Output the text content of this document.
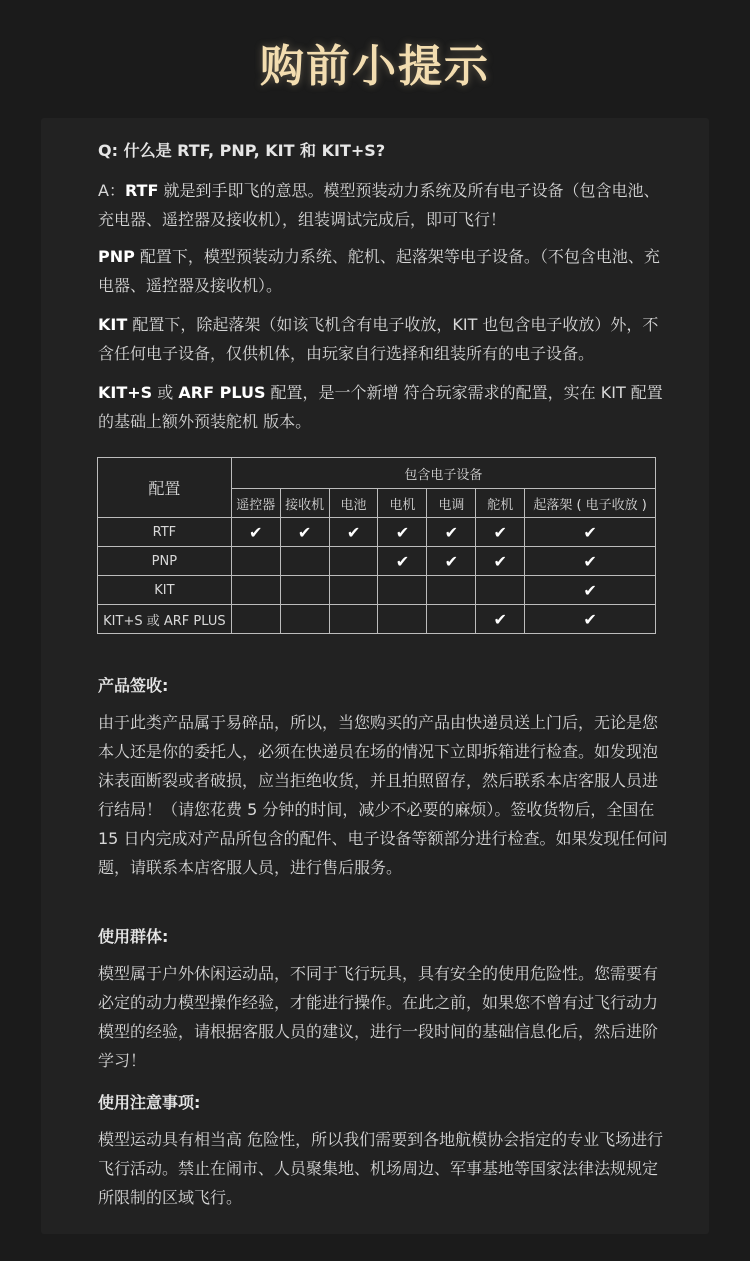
购前小提示
Q: 什么是 RTF, PNP, KIT 和 KIT+S?
A：RTF 就是到手即飞的意思。模型预装动力系统及所有电子设备（包含电池、充电器、遥控器及接收机），组装调试完成后，即可飞行！
PNP 配置下，模型预装动力系统、舵机、起落架等电子设备。（不包含电池、充电器、遥控器及接收机）。
KIT 配置下，除起落架（如该飞机含有电子收放，KIT 也包含电子收放）外，不含任何电子设备，仅供机体，由玩家自行选择和组装所有的电子设备。
KIT+S 或 ARF PLUS 配置，是一个新增 符合玩家需求的配置，实在 KIT 配置的基础上额外预装舵机 版本。
配置	包含电子设备						
	遥控器	接收机	电池	电机	电调	舵机	起落架 ( 电子收放 )
RTF	✔	✔	✔	✔	✔	✔	✔
PNP				✔	✔	✔	✔
KIT							✔
KIT+S 或 ARF PLUS						✔	✔
产品签收:
由于此类产品属于易碎品，所以，当您购买的产品由快递员送上门后，无论是您本人还是你的委托人，必须在快递员在场的情况下立即拆箱进行检查。如发现泡沫表面断裂或者破损，应当拒绝收货，并且拍照留存，然后联系本店客服人员进行结局！（请您花费 5 分钟的时间，减少不必要的麻烦）。签收货物后，全国在 15 日内完成对产品所包含的配件、电子设备等额部分进行检查。如果发现任何问题，请联系本店客服人员，进行售后服务。
使用群体:
模型属于户外休闲运动品，不同于飞行玩具，具有安全的使用危险性。您需要有必定的动力模型操作经验，才能进行操作。在此之前，如果您不曾有过飞行动力模型的经验，请根据客服人员的建议，进行一段时间的基础信息化后，然后进阶学习！
使用注意事项:
模型运动具有相当高 危险性，所以我们需要到各地航模协会指定的专业飞场进行飞行活动。禁止在闹市、人员聚集地、机场周边、军事基地等国家法律法规规定所限制的区域飞行。
